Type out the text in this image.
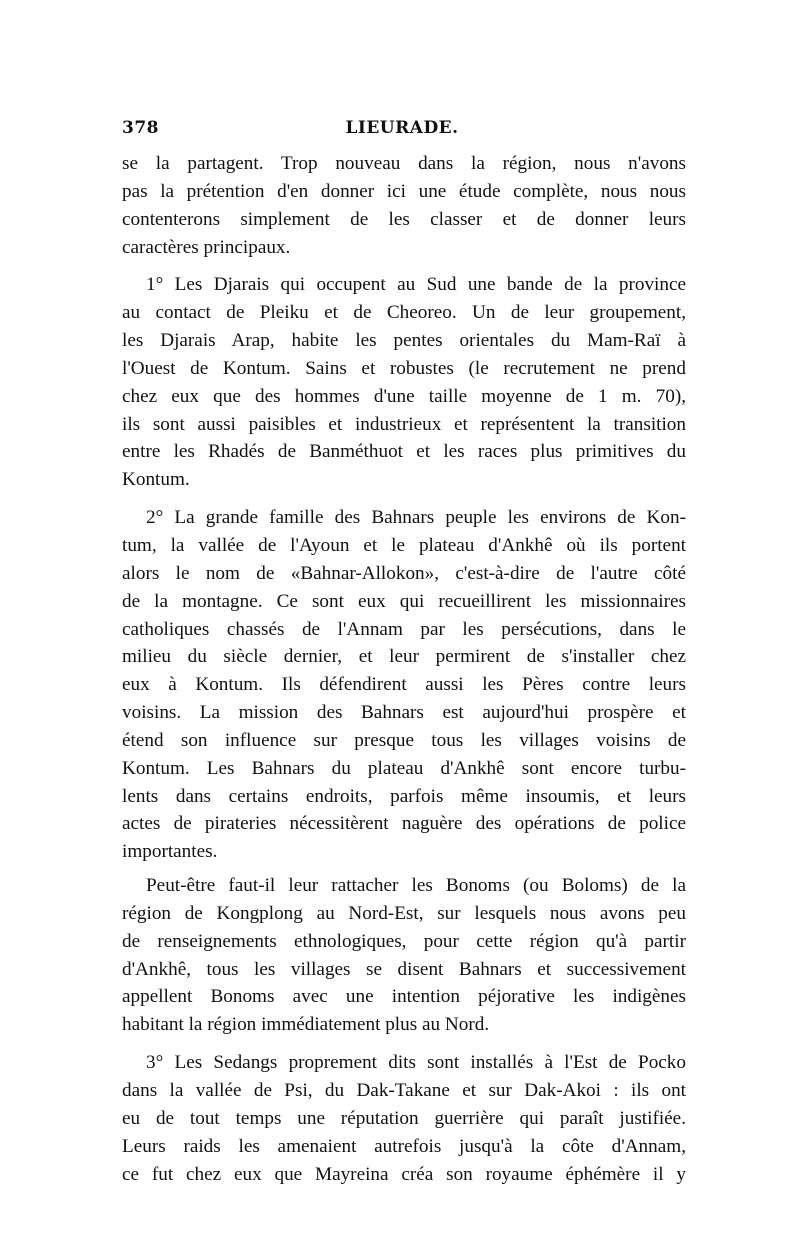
378	LIEURADE.
se la partagent. Trop nouveau dans la région, nous n'avons
pas la prétention d'en donner ici une étude complète, nous nous
contenterons simplement de les classer et de donner leurs
caractères principaux.
1° Les Djarais qui occupent au Sud une bande de la province
au contact de Pleiku et de Cheoreo. Un de leur groupement,
les Djarais Arap, habite les pentes orientales du Mam-Raï à
l'Ouest de Kontum. Sains et robustes (le recrutement ne prend
chez eux que des hommes d'une taille moyenne de 1 m. 70),
ils sont aussi paisibles et industrieux et représentent la transition
entre les Rhadés de Banméthuot et les races plus primitives du
Kontum.
2° La grande famille des Bahnars peuple les environs de Kon-
tum, la vallée de l'Ayoun et le plateau d'Ankhê où ils portent
alors le nom de «Bahnar-Allokon», c'est-à-dire de l'autre côté
de la montagne. Ce sont eux qui recueillirent les missionnaires
catholiques chassés de l'Annam par les persécutions, dans le
milieu du siècle dernier, et leur permirent de s'installer chez
eux à Kontum. Ils défendirent aussi les Pères contre leurs
voisins. La mission des Bahnars est aujourd'hui prospère et
étend son influence sur presque tous les villages voisins de
Kontum. Les Bahnars du plateau d'Ankhê sont encore turbu-
lents dans certains endroits, parfois même insoumis, et leurs
actes de pirateries nécessitèrent naguère des opérations de police
importantes.
Peut-être faut-il leur rattacher les Bonoms (ou Boloms) de la
région de Kongplong au Nord-Est, sur lesquels nous avons peu
de renseignements ethnologiques, pour cette région qu'à partir
d'Ankhê, tous les villages se disent Bahnars et successivement
appellent Bonoms avec une intention péjorative les indigènes
habitant la région immédiatement plus au Nord.
3° Les Sedangs proprement dits sont installés à l'Est de Pocko
dans la vallée de Psi, du Dak-Takane et sur Dak-Akoi : ils ont
eu de tout temps une réputation guerrière qui paraît justifiée.
Leurs raids les amenaient autrefois jusqu'à la côte d'Annam,
ce fut chez eux que Mayreina créa son royaume éphémère il y
